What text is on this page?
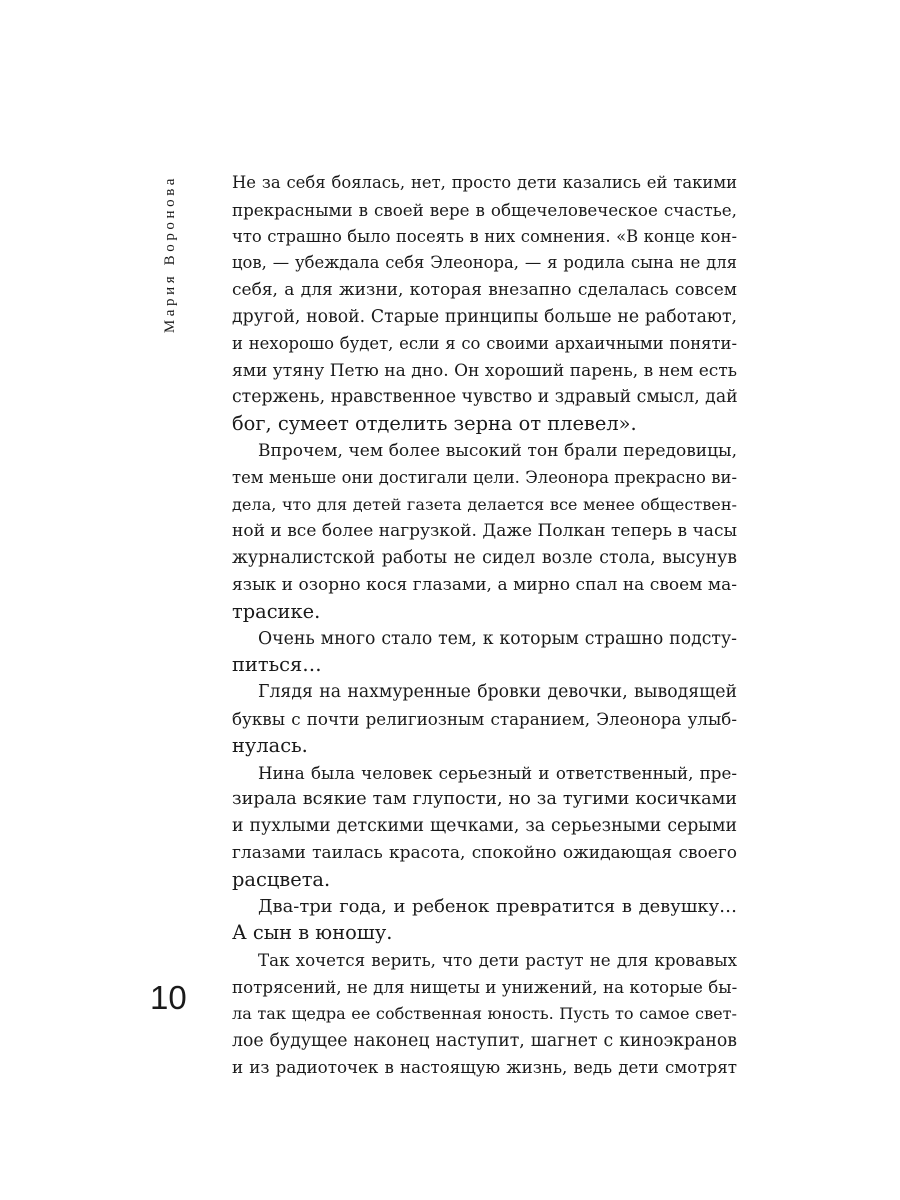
Мария Воронова	Не за себя боялась, нет, просто дети казались ей такими
прекрасными в своей вере в общечеловеческое счастье,
что страшно было посеять в них сомнения. «В конце кон-
цов, — убеждала себя Элеонора, — я родила сына не для
себя, а для жизни, которая внезапно сделалась совсем
другой, новой. Старые принципы больше не работают,
и нехорошо будет, если я со своими архаичными поняти-
ями утяну Петю на дно. Он хороший парень, в нем есть
стержень, нравственное чувство и здравый смысл, дай
бог, сумеет отделить зерна от плевел».
Впрочем, чем более высокий тон брали передовицы,
тем меньше они достигали цели. Элеонора прекрасно ви-
дела, что для детей газета делается все менее обществен-
ной и все более нагрузкой. Даже Полкан теперь в часы
журналистской работы не сидел возле стола, высунув
язык и озорно кося глазами, а мирно спал на своем ма-
трасике.
Очень много стало тем, к которым страшно подсту-
питься…
Глядя на нахмуренные бровки девочки, выводящей
буквы с почти религиозным старанием, Элеонора улыб-
нулась.
Нина была человек серьезный и ответственный, пре-
зирала всякие там глупости, но за тугими косичками
и пухлыми детскими щечками, за серьезными серыми
глазами таилась красота, спокойно ожидающая своего
расцвета.
Два-три года, и ребенок превратится в девушку…
А сын в юношу.
Так хочется верить, что дети растут не для кровавых
потрясений, не для нищеты и унижений, на которые бы-
ла так щедра ее собственная юность. Пусть то самое свет-
лое будущее наконец наступит, шагнет с киноэкранов
и из радиоточек в настоящую жизнь, ведь дети смотрят
10
